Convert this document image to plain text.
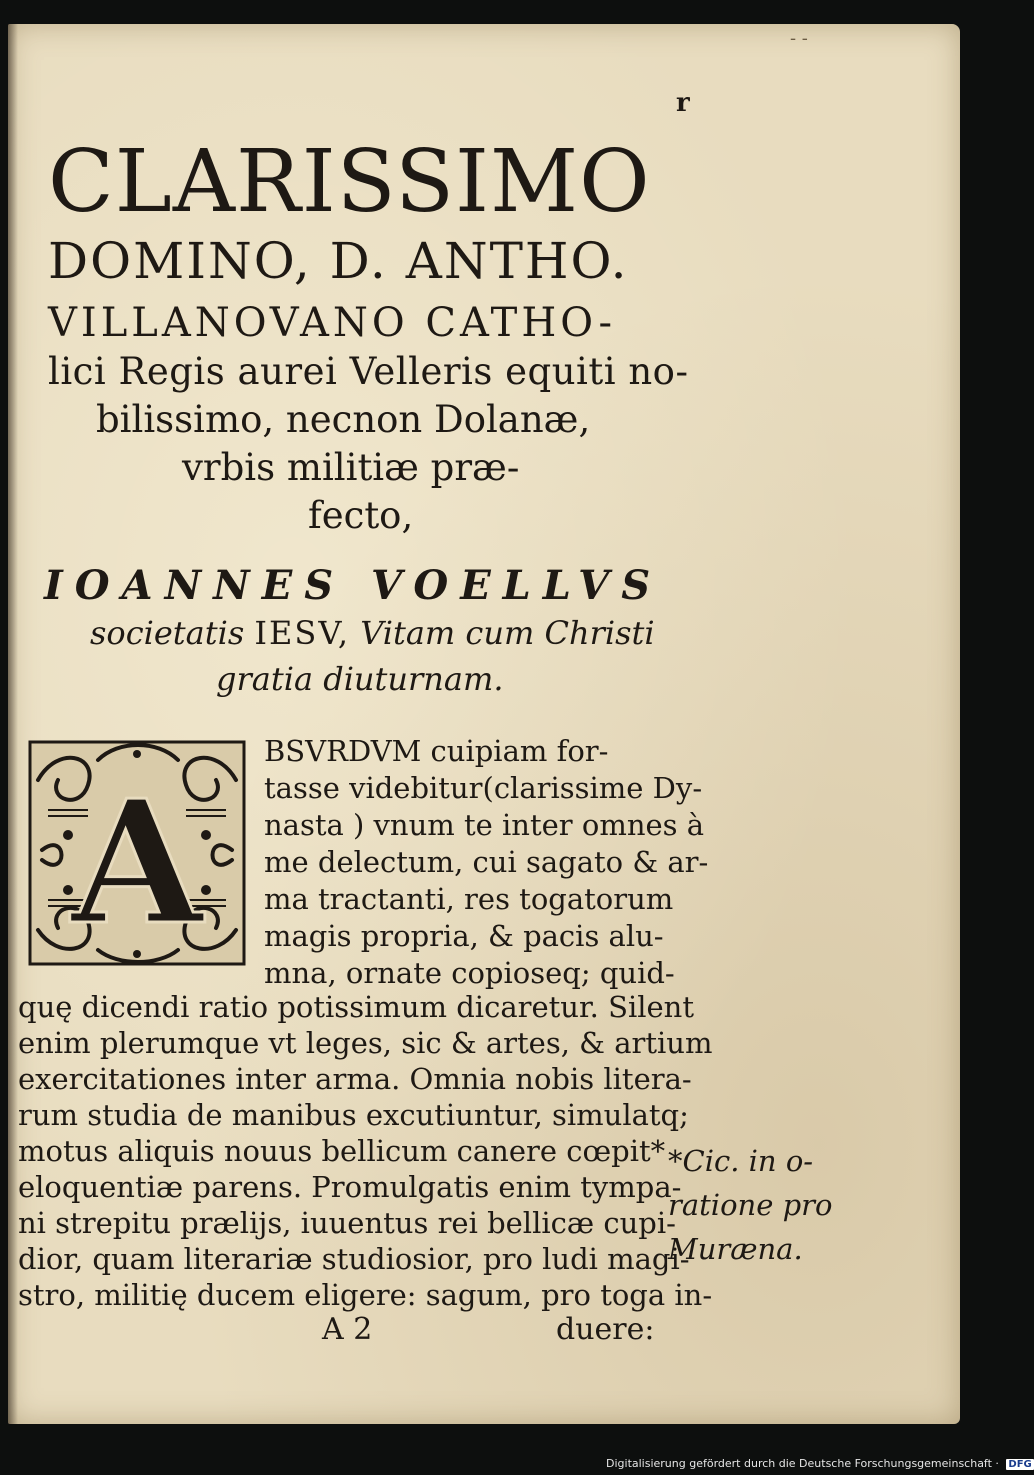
r
- -
CLARISSIMO
DOMINO, D. ANTHO.
VILLANOVANO CATHO-
lici Regis aurei Velleris equiti no-
bilissimo, necnon Dolanæ,
vrbis militiæ præ-
fecto,
IOANNES VOELLVS
societatis IESV, Vitam cum Christi
gratia diuturnam.
A
BSVRDVM cuipiam for-
tasse videbitur(clarissime Dy-
nasta ) vnum te inter omnes à
me delectum, cui sagato & ar-
ma tractanti, res togatorum
magis propria, & pacis alu-
mna, ornate copioseq; quid-
quę dicendi ratio potissimum dicaretur. Silent
enim plerumque vt leges, sic & artes, & artium
exercitationes inter arma. Omnia nobis litera-
rum studia de manibus excutiuntur, simulatq;
motus aliquis nouus bellicum canere cœpit*
eloquentiæ parens. Promulgatis enim tympa-
ni strepitu prælijs, iuuentus rei bellicæ cupi-
dior, quam literariæ studiosior, pro ludi magi-
stro, militię ducem eligere: sagum, pro toga in-
*Cic. in o-
ratione pro
Muræna.
A 2	duere:
Digitalisierung gefördert durch die Deutsche Forschungsgemeinschaft · DFG
